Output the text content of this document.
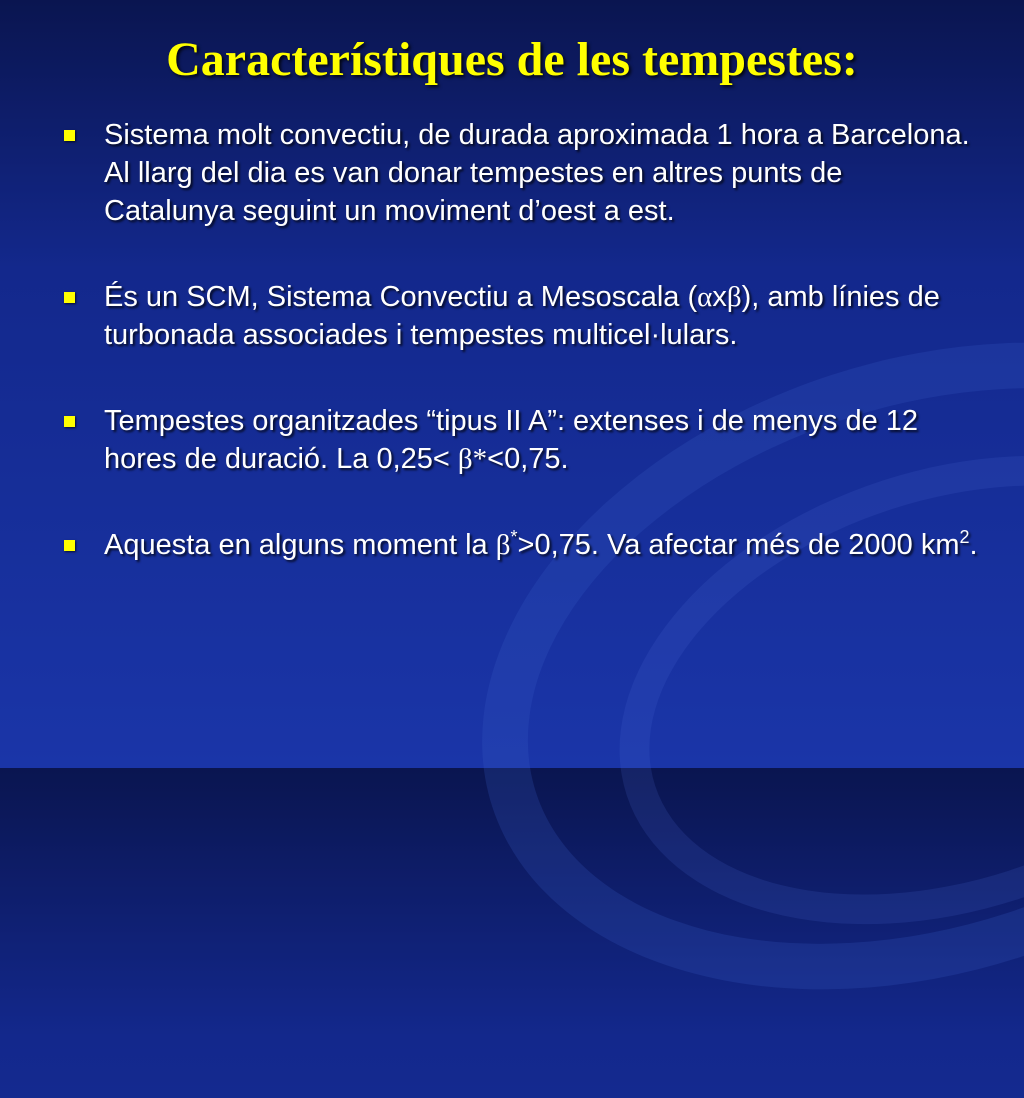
Característiques de les tempestes:
Sistema molt convectiu, de durada aproximada 1 hora a Barcelona. Al llarg del dia es van donar tempestes en altres punts de Catalunya seguint un moviment d’oest a est.
És un SCM, Sistema Convectiu a Mesoscala (αxβ), amb línies de turbonada associades i tempestes multicel·lulars.
Tempestes organitzades “tipus II A”: extenses i de menys de 12 hores de duració. La 0,25< β*<0,75.
Aquesta en alguns moment la β*>0,75. Va afectar més de 2000 $km^2$.
